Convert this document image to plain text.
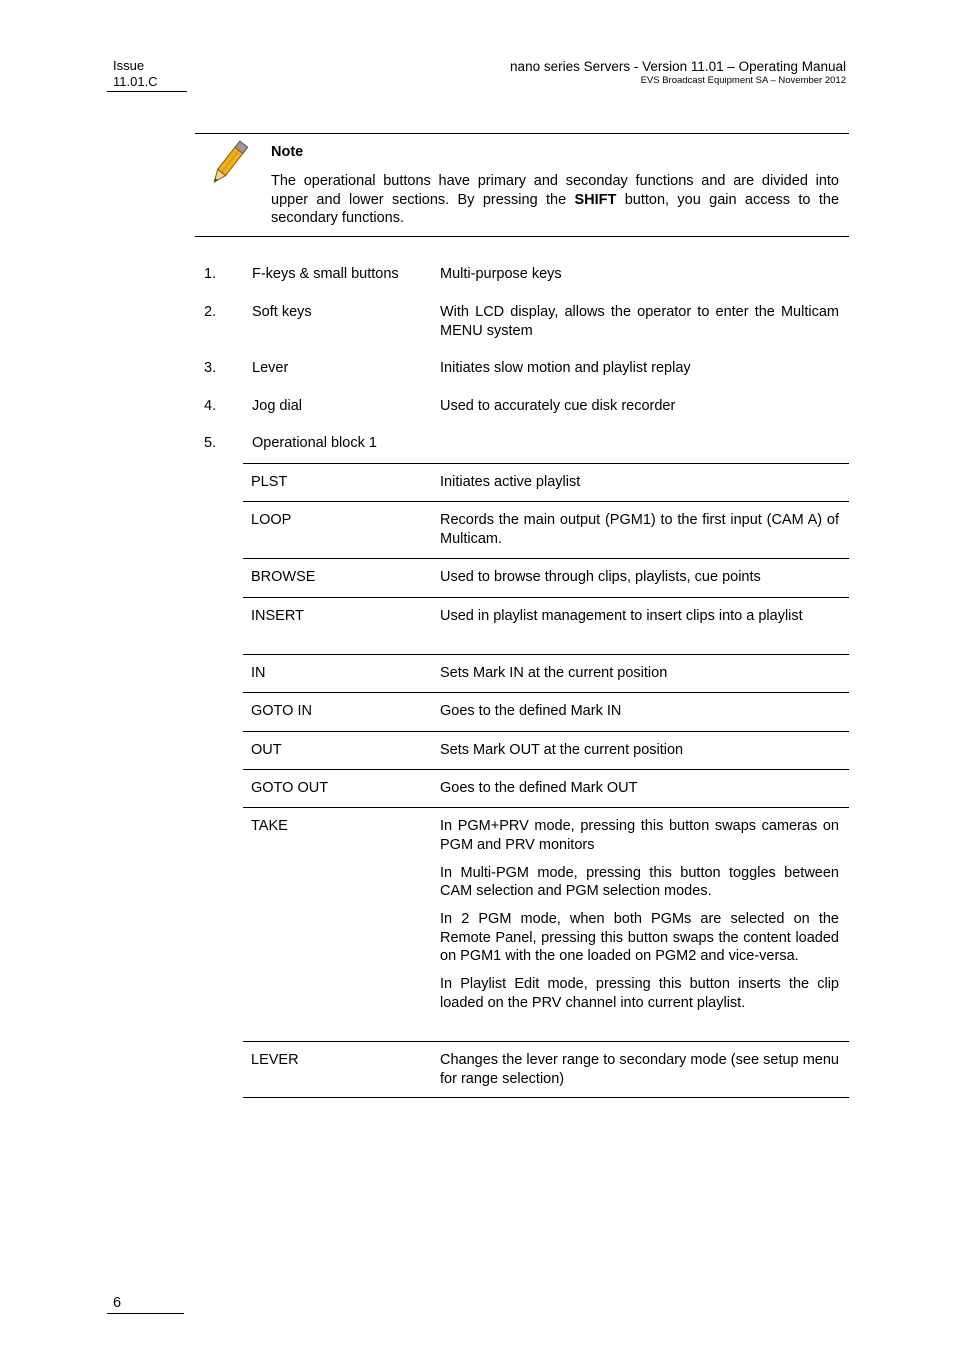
Issue
11.01.C
nano series Servers - Version 11.01 – Operating Manual
EVS Broadcast Equipment SA – November 2012
Note
The operational buttons have primary and seconday functions and are divided into upper and lower sections. By pressing the SHIFT button, you gain access to the secondary functions.
1. F-keys & small buttons	Multi-purpose keys
2. Soft keys	With LCD display, allows the operator to enter the Multicam MENU system
3. Lever	Initiates slow motion and playlist replay
4. Jog dial	Used to accurately cue disk recorder
5. Operational block 1
PLST	Initiates active playlist

LOOP	Records the main output (PGM1) to the first input (CAM A) of Multicam.

BROWSE	Used to browse through clips, playlists, cue points

INSERT	Used in playlist management to insert clips into a playlist

IN	Sets Mark IN at the current position

GOTO IN	Goes to the defined Mark IN

OUT	Sets Mark OUT at the current position

GOTO OUT	Goes to the defined Mark OUT

TAKE	In PGM+PRV mode, pressing this button swaps cameras on PGM and PRV monitors

In Multi-PGM mode, pressing this button toggles between CAM selection and PGM selection modes.

In 2 PGM mode, when both PGMs are selected on the Remote Panel, pressing this button swaps the content loaded on PGM1 with the one loaded on PGM2 and vice-versa.

In Playlist Edit mode, pressing this button inserts the clip loaded on the PRV channel into current playlist.

LEVER	Changes the lever range to secondary mode (see setup menu for range selection)

6
